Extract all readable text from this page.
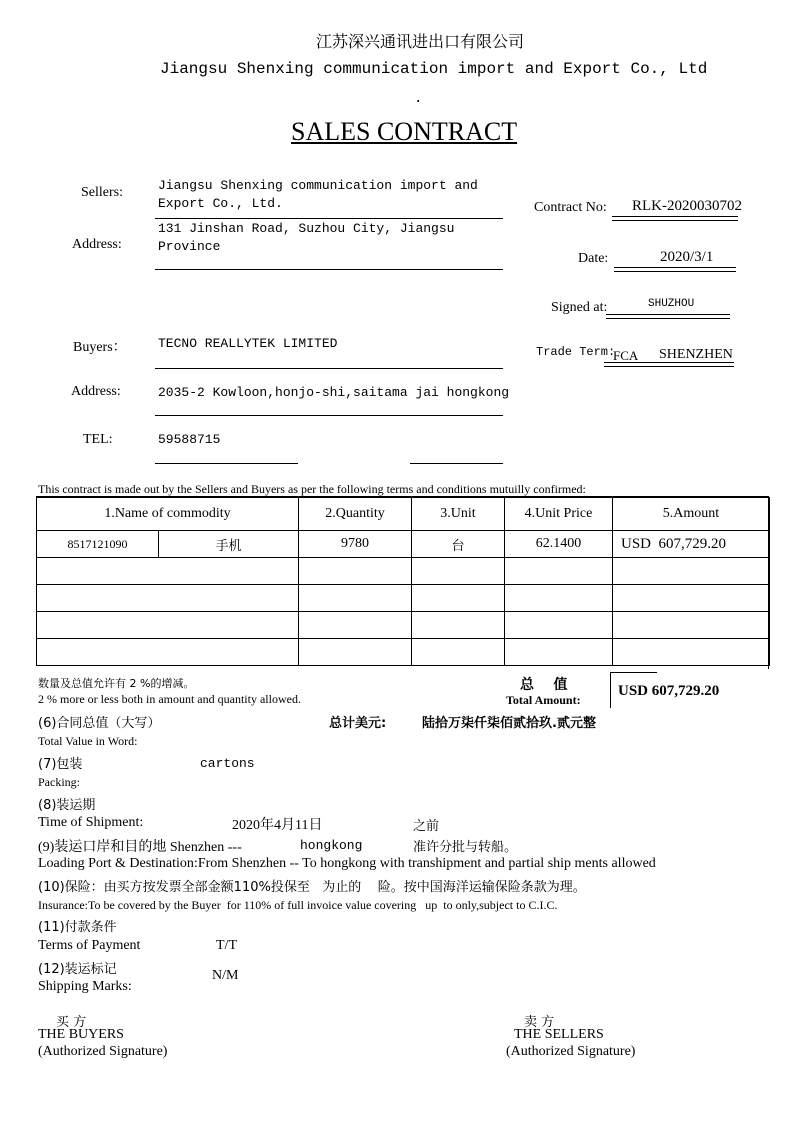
江苏深兴通讯进出口有限公司
Jiangsu Shenxing communication import and Export Co., Ltd
.
SALES CONTRACT
Sellers:	Jiangsu Shenxing communication import and
Export Co., Ltd.
Address:
131 Jinshan Road, Suzhou City, Jiangsu
Province
Contract No: RLK-2020030702
Date:	2020/3/1
Signed at:	SHUZHOU
Trade Term:
FCA SHENZHEN
Buyers： TECNO REALLYTEK LIMITED
Address:	2035-2 Kowloon,honjo-shi,saitama jai hongkong
TEL:	59588715
This contract is made out by the Sellers and Buyers as per the following terms and conditions mutuilly confirmed:
1.Name of commodity		2.Quantity	3.Unit	4.Unit Price	5.Amount
8517121090	手机	9780	台	62.1400	USD 607,729.20

数量及总值允许有 2 %的增减。
2 % more or less both in amount and quantity allowed.
总    值
Total Amount:
USD 607,729.20
(6)合同总值（大写）	总计美元:	陆拾万柒仟柒佰贰拾玖.贰元整
Total Value in Word:
(7)包装	cartons
Packing:
(8)装运期
Time of Shipment:	2020年4月11日	之前
(9)装运口岸和目的地 Shenzhen ---	hongkong	准许分批与转船。
Loading Port & Destination:From Shenzhen -- To hongkong with transhipment and partial ship ments allowed
(10)保险：由买方按发票全部金额110%投保至   为止的    险。按中国海洋运输保险条款为理。
Insurance:To be covered by the Buyer  for 110% of full invoice value covering   up  to only,subject to C.I.C.
(11)付款条件
Terms of Payment	T/T
(12)装运标记
Shipping Marks:
N/M
买 方
THE BUYERS
(Authorized Signature)
卖 方
THE SELLERS
(Authorized Signature)
